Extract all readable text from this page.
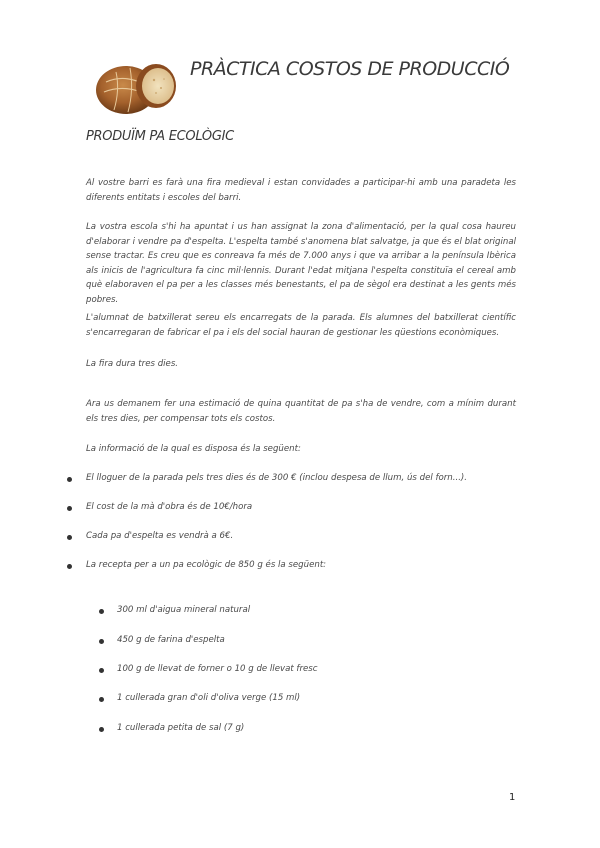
PRÀCTICA COSTOS DE PRODUCCIÓ
PRODUÏM PA ECOLÒGIC
Al vostre barri es farà una fira medieval i estan convidades a participar-hi amb una paradeta les diferents entitats i escoles del barri.
La vostra escola s'hi ha apuntat i us han assignat la zona d'alimentació, per la qual cosa haureu d'elaborar i vendre pa d'espelta. L'espelta també s'anomena blat salvatge, ja que és el blat original sense tractar. Es creu que es conreava fa més de 7.000 anys i que va arribar a la península Ibèrica als inicis de l'agricultura fa cinc mil·lennis. Durant l'edat mitjana l'espelta constituïa el cereal amb què elaboraven el pa per a les classes més benestants, el pa de sègol era destinat a les gents més pobres.
L'alumnat de batxillerat sereu els encarregats de la parada. Els alumnes del batxillerat científic s'encarregaran de fabricar el pa i els del social hauran de gestionar les qüestions econòmiques.
La fira dura tres dies.
Ara us demanem fer una estimació de quina quantitat de pa s'ha de vendre, com a mínim durant els tres dies, per compensar tots els costos.
La informació de la qual es disposa és la següent:
El lloguer de la parada pels tres dies és de 300 € (inclou despesa de llum, ús del forn...).
El cost de la mà d'obra és de 10€/hora
Cada pa d'espelta es vendrà a 6€.
La recepta per a un pa ecològic de 850 g és la següent:
300 ml d'aigua mineral natural
450 g de farina d'espelta
100 g de llevat de forner o 10 g de llevat fresc
1 cullerada gran d'oli d'oliva verge (15 ml)
1 cullerada petita de sal (7 g)
1
